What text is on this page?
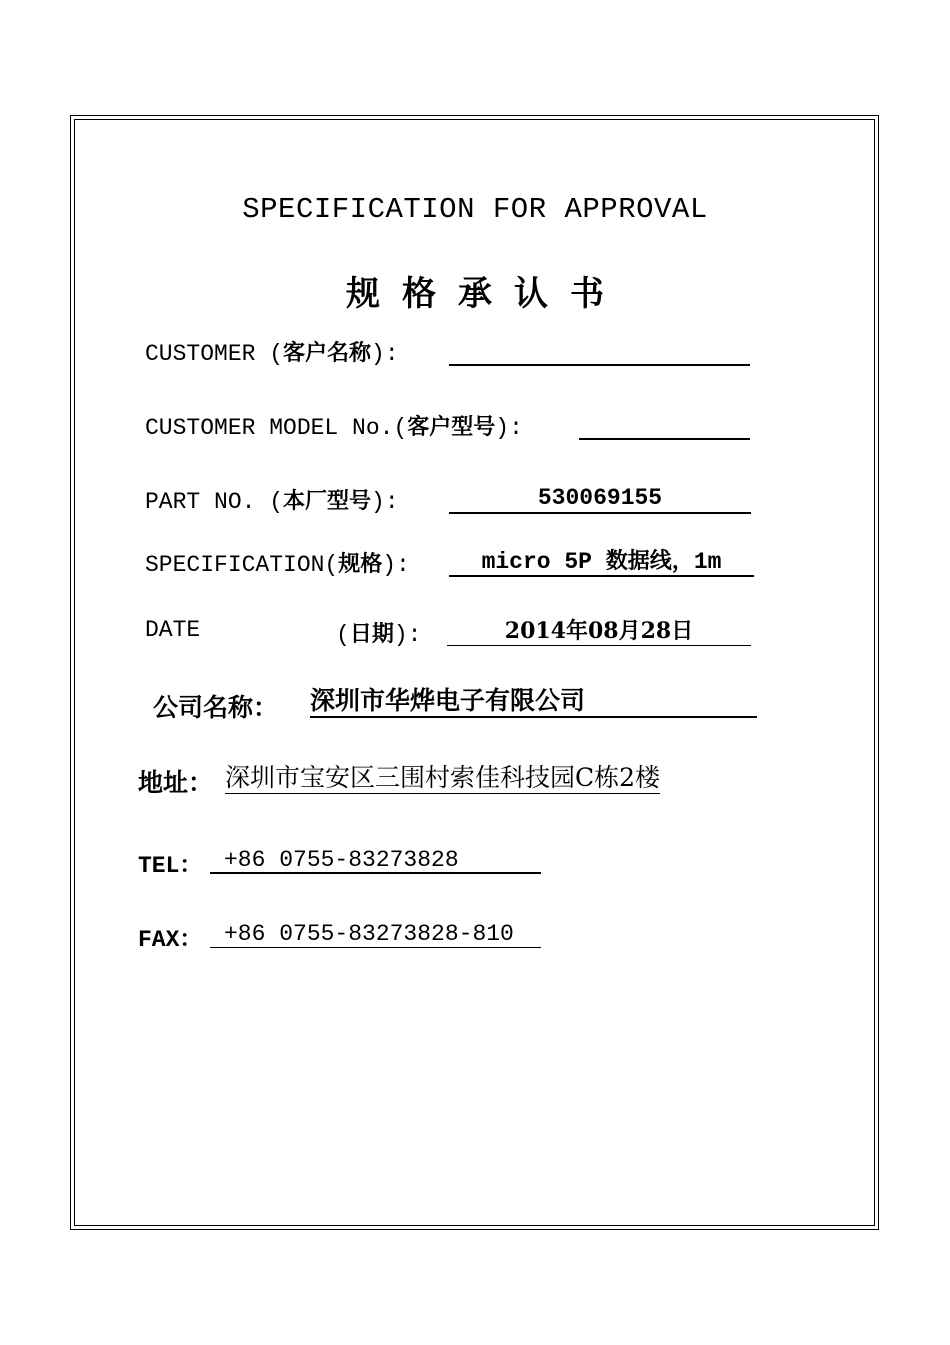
SPECIFICATION FOR APPROVAL
规格承认书
CUSTOMER (客户名称):
CUSTOMER MODEL No.(客户型号):
PART NO. (本厂型号):	530069155
SPECIFICATION(规格):	micro 5P 数据线，1m
DATE	(日期):	2014年08月28日
公司名称： 深圳市华烨电子有限公司
地址： 深圳市宝安区三围村索佳科技园C栋2楼
TEL： +86 0755-83273828
FAX： +86 0755-83273828-810
